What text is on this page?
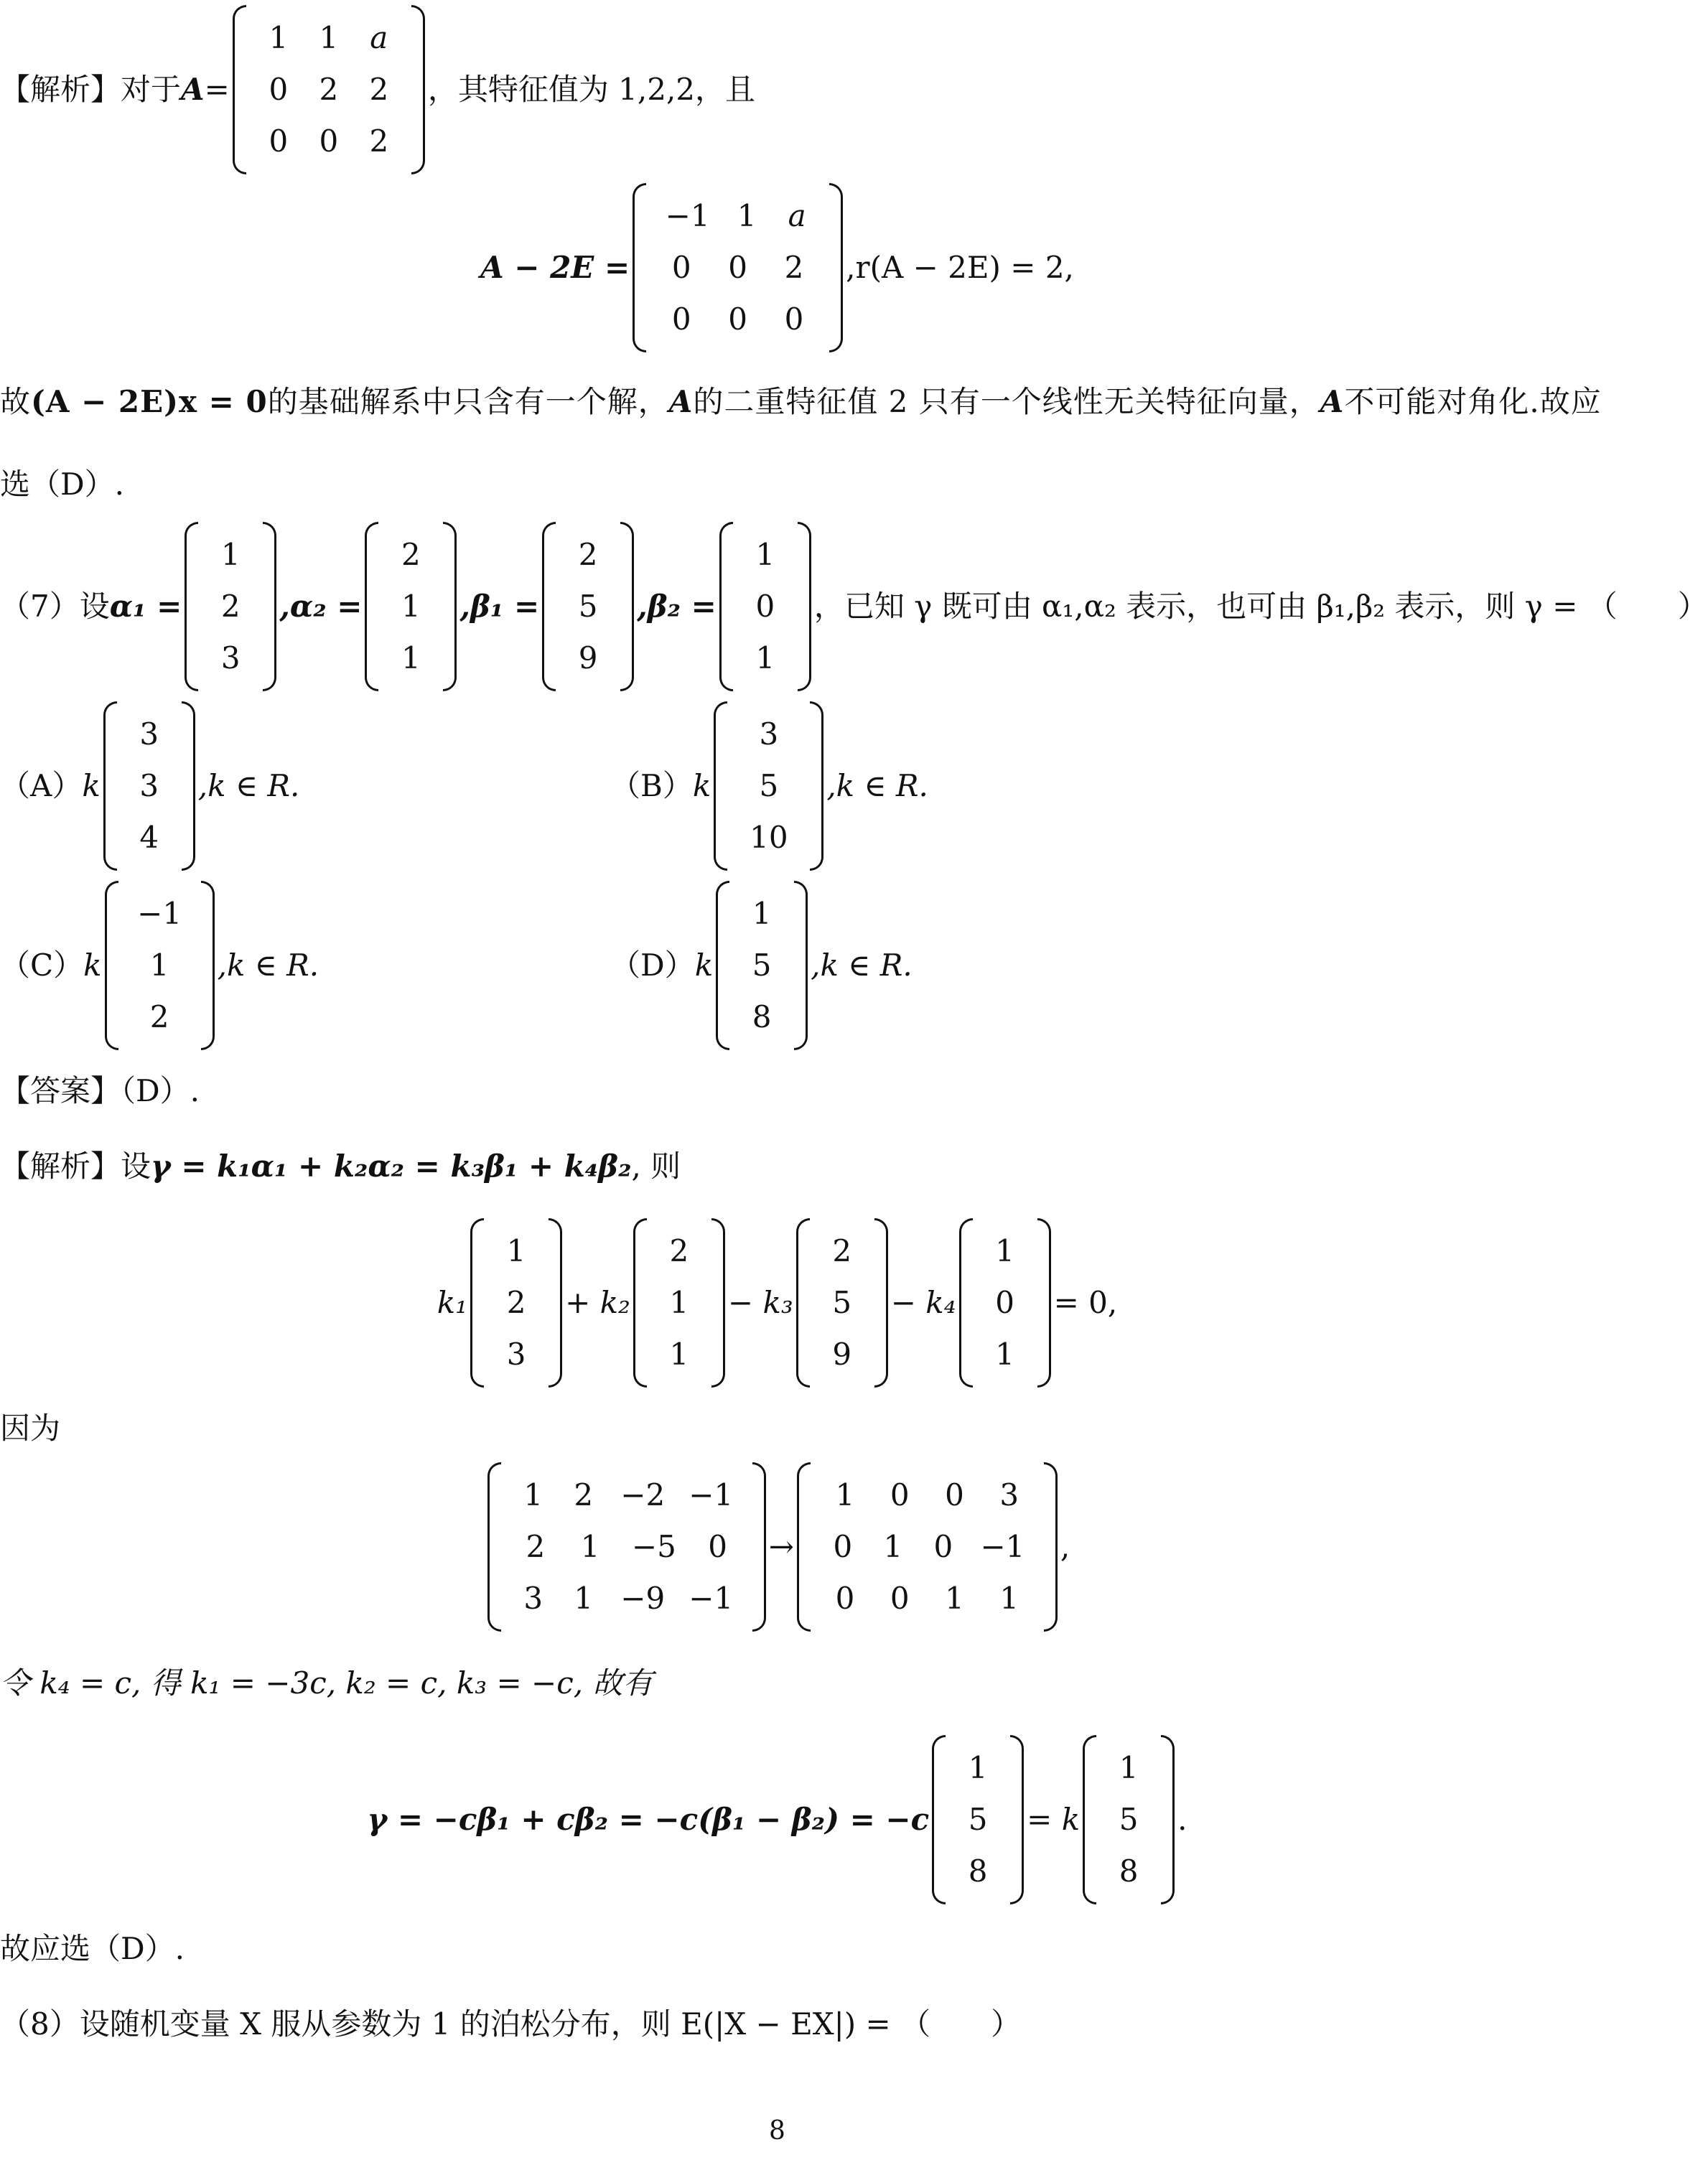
【解析】对于 A =
1	1	a
0	2	2
0	0	2
，其特征值为 1,2,2，且
A − 2E =
−1 1	a
0	0	2
0	0	0
,r(A − 2E) = 2,
故 (A − 2E)x = 0 的基础解系中只含有一个解， A 的二重特征值 2 只有一个线性无关特征向量， A 不可能对角化.故应
选（D）.
（7）设 α₁ =
1
2
3
,α₂ =
2
1
1
,β₁ =
2
5
9
,β₂ =
1
0
1
，已知 γ 既可由 α₁,α₂ 表示，也可由 β₁,β₂ 表示，则 γ = （　　）
（A） k
3
3
4
,k ∈ R.	（B） k
3
5
10
,k ∈ R.
（C） k
−1
1
2
,k ∈ R.	（D） k
1
5
8
,k ∈ R.
【答案】（D）.
【解析】设 γ = k₁α₁ + k₂α₂ = k₃β₁ + k₄β₂ , 则
k₁
1
2
3
+ k₂
2
1
1
− k₃
2
5
9
− k₄
1
0
1
= 0,
因为
1	2 −2 −1
2	1	−5	0
3	1 −9 −1
→
1	0	0	3
0	1	0 −1
0	0	1	1
,
令 k₄ = c, 得 k₁ = −3c, k₂ = c, k₃ = −c, 故有
γ = −cβ₁ + cβ₂ = −c(β₁ − β₂) = −c
1
5
8
= k
1
5
8
.
故应选（D）.
（8）设随机变量 X 服从参数为 1 的泊松分布，则 E(|X − EX|) = （　　）
8
